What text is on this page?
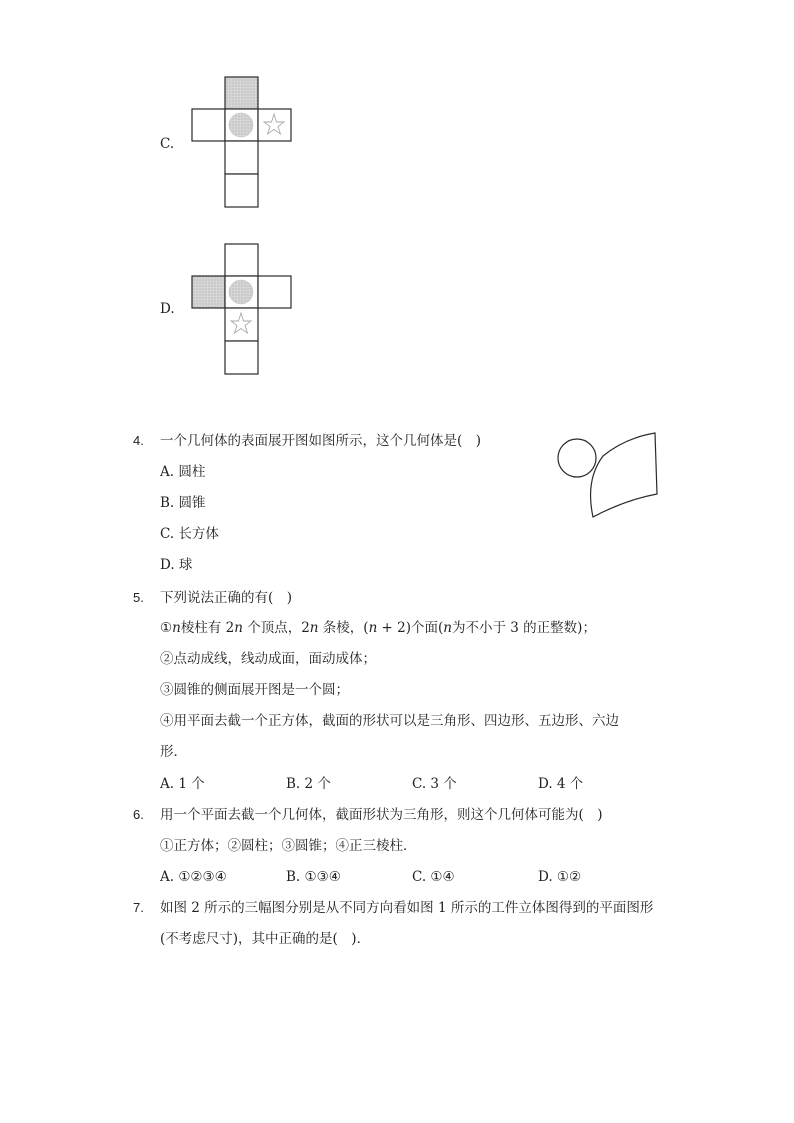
C.
D.
4. 一个几何体的表面展开图如图所示，这个几何体是(　)
A. 圆柱
B. 圆锥
C. 长方体
D. 球
5. 下列说法正确的有(　)
①n棱柱有 2n 个顶点，2n 条棱，(n + 2)个面(n为不小于 3 的正整数)；
②点动成线，线动成面，面动成体；
③圆锥的侧面展开图是一个圆；
④用平面去截一个正方体，截面的形状可以是三角形、四边形、五边形、六边
形．
A. 1 个	B. 2 个	C. 3 个	D. 4 个
6. 用一个平面去截一个几何体，截面形状为三角形，则这个几何体可能为(　)
①正方体；②圆柱；③圆锥；④正三棱柱．
A. ①②③④	B. ①③④	C. ①④	D. ①②
7. 如图 2 所示的三幅图分别是从不同方向看如图 1 所示的工件立体图得到的平面图形
(不考虑尺寸)，其中正确的是(　)．
